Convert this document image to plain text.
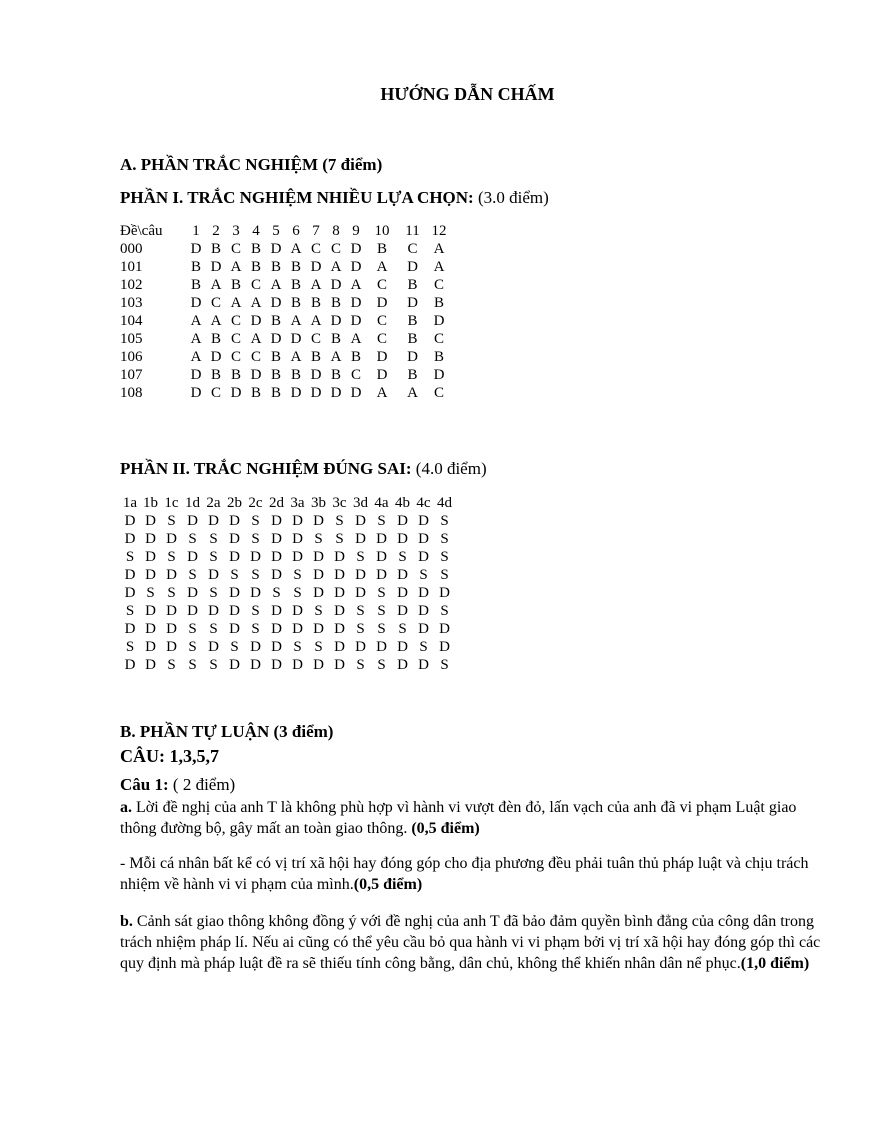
HƯỚNG DẪN CHẤM
A. PHẦN TRẮC NGHIỆM (7 điểm)
PHẦN I. TRẮC NGHIỆM NHIỀU LỰA CHỌN: (3.0 điểm)
Đề\câu	1	2	3	4	5	6	7	8	9	10	11	12
000	D	B	C	B	D	A	C	C	D	B	C	A
101	B	D	A	B	B	B	D	A	D	A	D	A
102	B	A	B	C	A	B	A	D	A	C	B	C
103	D	C	A	A	D	B	B	B	D	D	D	B
104	A	A	C	D	B	A	A	D	D	C	B	D
105	A	B	C	A	D	D	C	B	A	C	B	C
106	A	D	C	C	B	A	B	A	B	D	D	B
107	D	B	B	D	B	B	D	B	C	D	B	D
108	D	C	D	B	B	D	D	D	D	A	A	C
PHẦN II. TRẮC NGHIỆM ĐÚNG SAI: (4.0 điểm)
1a	1b	1c	1d	2a	2b	2c	2d	3a	3b	3c	3d	4a	4b	4c	4d
D	D	S	D	D	D	S	D	D	D	S	D	S	D	D	S
D	D	D	S	S	D	S	D	D	S	S	D	D	D	D	S
S	D	S	D	S	D	D	D	D	D	D	S	D	S	D	S
D	D	D	S	D	S	S	D	S	D	D	D	D	D	S	S
D	S	S	D	S	D	D	S	S	D	D	D	S	D	D	D
S	D	D	D	D	D	S	D	D	S	D	S	S	D	D	S
D	D	D	S	S	D	S	D	D	D	D	S	S	S	D	D
S	D	D	S	D	S	D	D	S	S	D	D	D	D	S	D
D	D	S	S	S	D	D	D	D	D	D	S	S	D	D	S
B. PHẦN TỰ LUẬN (3 điểm)
CÂU: 1,3,5,7
Câu 1: ( 2 điểm)
a. Lời đề nghị của anh T là không phù hợp vì hành vi vượt đèn đỏ, lấn vạch của anh đã vi phạm Luật giao thông đường bộ, gây mất an toàn giao thông. (0,5 điểm)
- Mỗi cá nhân bất kể có vị trí xã hội hay đóng góp cho địa phương đều phải tuân thủ pháp luật và chịu trách nhiệm về hành vi vi phạm của mình.(0,5 điểm)
b. Cảnh sát giao thông không đồng ý với đề nghị của anh T đã bảo đảm quyền bình đẳng của công dân trong trách nhiệm pháp lí. Nếu ai cũng có thể yêu cầu bỏ qua hành vi vi phạm bởi vị trí xã hội hay đóng góp thì các quy định mà pháp luật đề ra sẽ thiếu tính công bằng, dân chủ, không thể khiến nhân dân nể phục.(1,0 điểm)
